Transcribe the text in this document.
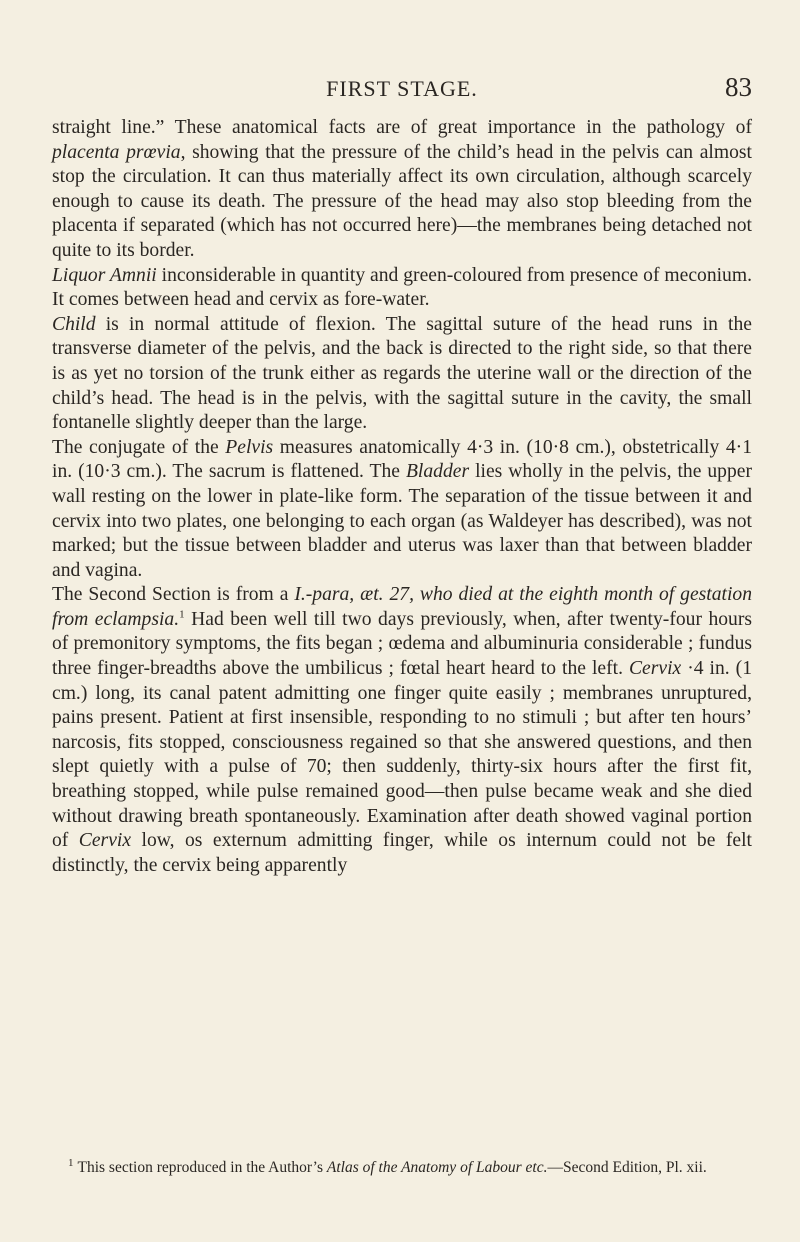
FIRST STAGE.	83

straight line.” These anatomical facts are of great importance in the pathology of placenta prœvia, showing that the pressure of the child’s head in the pelvis can almost stop the circulation. It can thus materially affect its own circulation, although scarcely enough to cause its death. The pressure of the head may also stop bleeding from the placenta if separated (which has not occurred here)—the membranes being detached not quite to its border.

Liquor Amnii inconsiderable in quantity and green-coloured from presence of meconium. It comes between head and cervix as fore-water.

Child is in normal attitude of flexion. The sagittal suture of the head runs in the transverse diameter of the pelvis, and the back is directed to the right side, so that there is as yet no torsion of the trunk either as regards the uterine wall or the direction of the child’s head. The head is in the pelvis, with the sagittal suture in the cavity, the small fontanelle slightly deeper than the large.

The conjugate of the Pelvis measures anatomically 4·3 in. (10·8 cm.), obstetrically 4·1 in. (10·3 cm.). The sacrum is flattened. The Bladder lies wholly in the pelvis, the upper wall resting on the lower in plate-like form. The separation of the tissue between it and cervix into two plates, one belonging to each organ (as Waldeyer has described), was not marked; but the tissue between bladder and uterus was laxer than that between bladder and vagina.

The Second Section is from a I.-para, æt. 27, who died at the eighth month of gestation from eclampsia.$^1$ Had been well till two days previously, when, after twenty-four hours of premonitory symptoms, the fits began ; œdema and albuminuria considerable ; fundus three finger-breadths above the umbilicus ; fœtal heart heard to the left. Cervix ·4 in. (1 cm.) long, its canal patent admitting one finger quite easily ; membranes unruptured, pains present. Patient at first insensible, responding to no stimuli ; but after ten hours’ narcosis, fits stopped, consciousness regained so that she answered questions, and then slept quietly with a pulse of 70; then suddenly, thirty-six hours after the first fit, breathing stopped, while pulse remained good—then pulse became weak and she died without drawing breath spontaneously. Examination after death showed vaginal portion of Cervix low, os externum admitting finger, while os internum could not be felt distinctly, the cervix being apparently

$^1$ This section reproduced in the Author’s Atlas of the Anatomy of Labour etc.—Second Edition, Pl. xii.
